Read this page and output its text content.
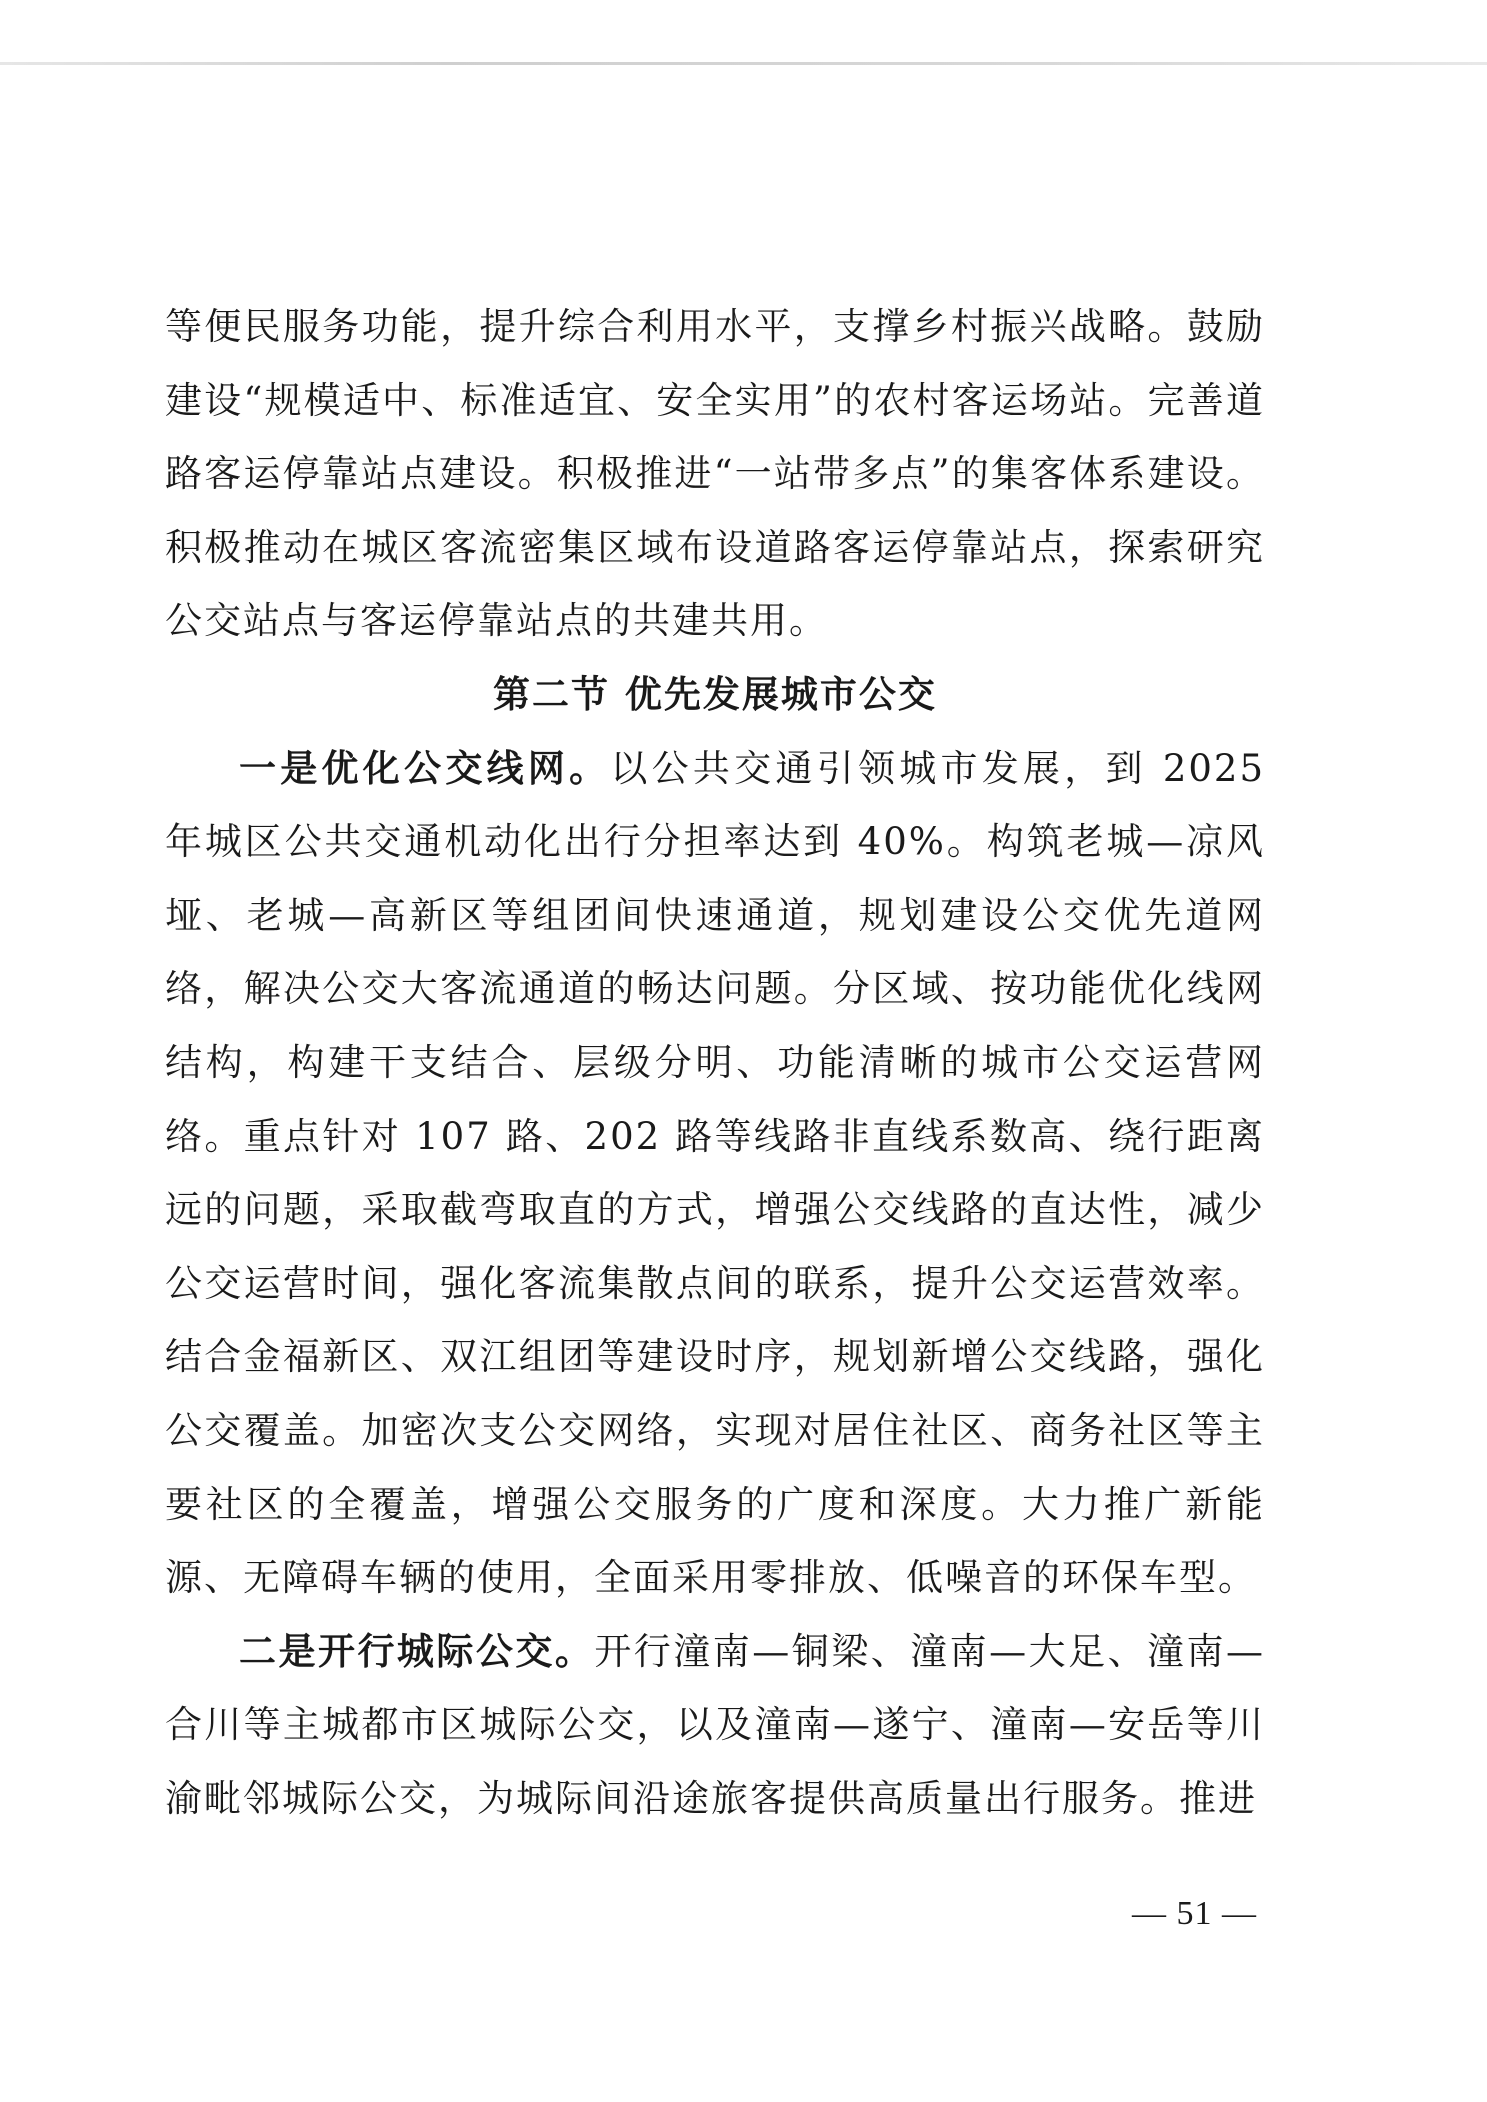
等便民服务功能，提升综合利用水平，支撑乡村振兴战略。鼓励建设“规模适中、标准适宜、安全实用”的农村客运场站。完善道路客运停靠站点建设。积极推进“一站带多点”的集客体系建设。积极推动在城区客流密集区域布设道路客运停靠站点，探索研究公交站点与客运停靠站点的共建共用。

第二节 优先发展城市公交

一是优化公交线网。以公共交通引领城市发展，到 2025 年城区公共交通机动化出行分担率达到 40%。构筑老城—凉风垭、老城—高新区等组团间快速通道，规划建设公交优先道网络，解决公交大客流通道的畅达问题。分区域、按功能优化线网结构，构建干支结合、层级分明、功能清晰的城市公交运营网络。重点针对 107 路、202 路等线路非直线系数高、绕行距离远的问题，采取截弯取直的方式，增强公交线路的直达性，减少公交运营时间，强化客流集散点间的联系，提升公交运营效率。结合金福新区、双江组团等建设时序，规划新增公交线路，强化公交覆盖。加密次支公交网络，实现对居住社区、商务社区等主要社区的全覆盖，增强公交服务的广度和深度。大力推广新能源、无障碍车辆的使用，全面采用零排放、低噪音的环保车型。

二是开行城际公交。开行潼南—铜梁、潼南—大足、潼南—合川等主城都市区城际公交，以及潼南—遂宁、潼南—安岳等川渝毗邻城际公交，为城际间沿途旅客提供高质量出行服务。推进

— 51 —
